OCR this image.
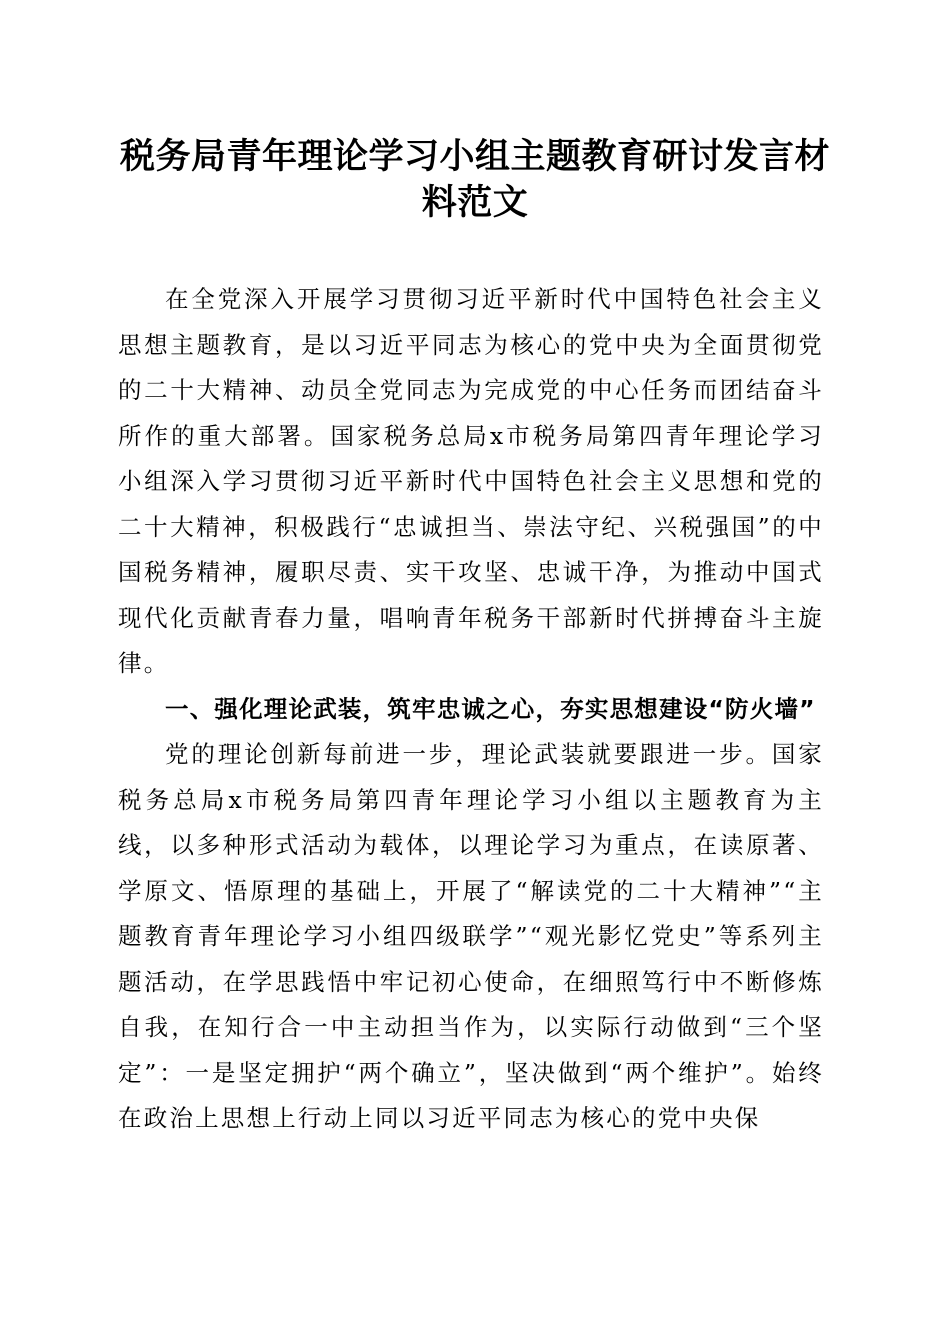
税务局青年理论学习小组主题教育研讨发言材料范文

在全党深入开展学习贯彻习近平新时代中国特色社会主义思想主题教育，是以习近平同志为核心的党中央为全面贯彻党的二十大精神、动员全党同志为完成党的中心任务而团结奋斗所作的重大部署。国家税务总局x市税务局第四青年理论学习小组深入学习贯彻习近平新时代中国特色社会主义思想和党的二十大精神，积极践行“忠诚担当、崇法守纪、兴税强国”的中国税务精神，履职尽责、实干攻坚、忠诚干净，为推动中国式现代化贡献青春力量，唱响青年税务干部新时代拼搏奋斗主旋律。

一、强化理论武装，筑牢忠诚之心，夯实思想建设“防火墙”

党的理论创新每前进一步，理论武装就要跟进一步。国家税务总局x市税务局第四青年理论学习小组以主题教育为主线，以多种形式活动为载体，以理论学习为重点，在读原著、学原文、悟原理的基础上，开展了“解读党的二十大精神”“主题教育青年理论学习小组四级联学”“观光影忆党史”等系列主题活动，在学思践悟中牢记初心使命，在细照笃行中不断修炼自我，在知行合一中主动担当作为，以实际行动做到“三个坚定”：一是坚定拥护“两个确立”，坚决做到“两个维护”。始终在政治上思想上行动上同以习近平同志为核心的党中央保
